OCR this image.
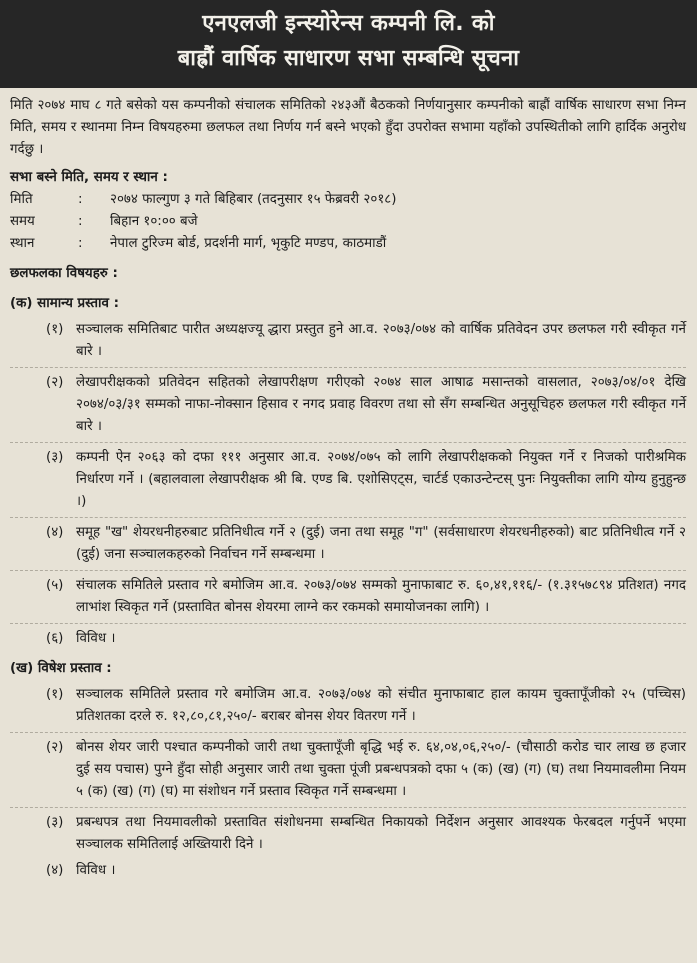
एनएलजी इन्स्योरेन्स कम्पनी लि. को
बाह्रौं वार्षिक साधारण सभा सम्बन्धि सूचना

मिति २०७४ माघ ८ गते बसेको यस कम्पनीको संचालक समितिको २४३औं बैठकको निर्णयानुसार कम्पनीको बाह्रौं वार्षिक साधारण सभा निम्न मिति, समय र स्थानमा निम्न विषयहरुमा छलफल तथा निर्णय गर्न बस्ने भएको हुँदा उपरोक्त सभामा यहाँको उपस्थितीको लागि हार्दिक अनुरोध गर्दछु ।

सभा बस्ने मिति, समय र स्थान :

मिति	:	२०७४ फाल्गुण ३ गते बिहिबार (तदनुसार १५ फेब्रवरी २०१८)
समय	:	बिहान १०:०० बजे
स्थान	:	नेपाल टुरिज्म बोर्ड, प्रदर्शनी मार्ग, भृकुटि मण्डप, काठमाडौं

छलफलका विषयहरु :

(क) सामान्य प्रस्ताव :

(१) सञ्चालक समितिबाट पारीत अध्यक्षज्यू द्धारा प्रस्तुत हुने आ.व. २०७३/०७४ को वार्षिक प्रतिवेदन उपर छलफल गरी स्वीकृत गर्ने बारे ।
(२) लेखापरीक्षकको प्रतिवेदन सहितको लेखापरीक्षण गरीएको २०७४ साल आषाढ मसान्तको वासलात, २०७३/०४/०१ देखि २०७४/०३/३१ सम्मको नाफा-नोक्सान हिसाव र नगद प्रवाह विवरण तथा सो सँग सम्बन्धित अनुसूचिहरु छलफल गरी स्वीकृत गर्ने बारे ।
(३) कम्पनी ऐन २०६३ को दफा १११ अनुसार आ.व. २०७४/०७५ को लागि लेखापरीक्षकको नियुक्त गर्ने र निजको पारीश्रमिक निर्धारण गर्ने । (बहालवाला लेखापरीक्षक श्री बि. एण्ड बि. एशोसिएट्स, चार्टर्ड एकाउन्टेन्टस् पुनः नियुक्तीका लागि योग्य हुनुहुन्छ ।)
(४) समूह "ख" शेयरधनीहरुबाट प्रतिनिधीत्व गर्ने २ (दुई) जना तथा समूह "ग" (सर्वसाधारण शेयरधनीहरुको) बाट प्रतिनिधीत्व गर्ने २ (दुई) जना सञ्चालकहरुको निर्वाचन गर्ने सम्बन्धमा ।
(५) संचालक समितिले प्रस्ताव गरे बमोजिम आ.व. २०७३/०७४ सम्मको मुनाफाबाट रु. ६०,४१,११६/- (१.३१५७८९४ प्रतिशत) नगद लाभांश स्विकृत गर्ने (प्रस्तावित बोनस शेयरमा लाग्ने कर रकमको समायोजनका लागि) ।
(६) विविध ।

(ख) विषेश प्रस्ताव :

(१) सञ्चालक समितिले प्रस्ताव गरे बमोजिम आ.व. २०७३/०७४ को संचीत मुनाफाबाट हाल कायम चुक्तापूँजीको २५ (पच्चिस) प्रतिशतका दरले रु. १२,८०,८१,२५०/- बराबर बोनस शेयर वितरण गर्ने ।
(२) बोनस शेयर जारी पश्चात कम्पनीको जारी तथा चुक्तापूँजी बृद्धि भई रु. ६४,०४,०६,२५०/- (चौसाठी करोड चार लाख छ हजार दुई सय पचास) पुग्ने हुँदा सोही अनुसार जारी तथा चुक्ता पूंजी प्रबन्धपत्रको दफा ५ (क) (ख) (ग) (घ) तथा नियमावलीमा नियम ५ (क) (ख) (ग) (घ) मा संशोधन गर्ने प्रस्ताव स्विकृत गर्ने सम्बन्धमा ।
(३) प्रबन्धपत्र तथा नियमावलीको प्रस्तावित संशोधनमा सम्बन्धित निकायको निर्देशन अनुसार आवश्यक फेरबदल गर्नुपर्ने भएमा सञ्चालक समितिलाई अख्तियारी दिने ।
(४) विविध ।
